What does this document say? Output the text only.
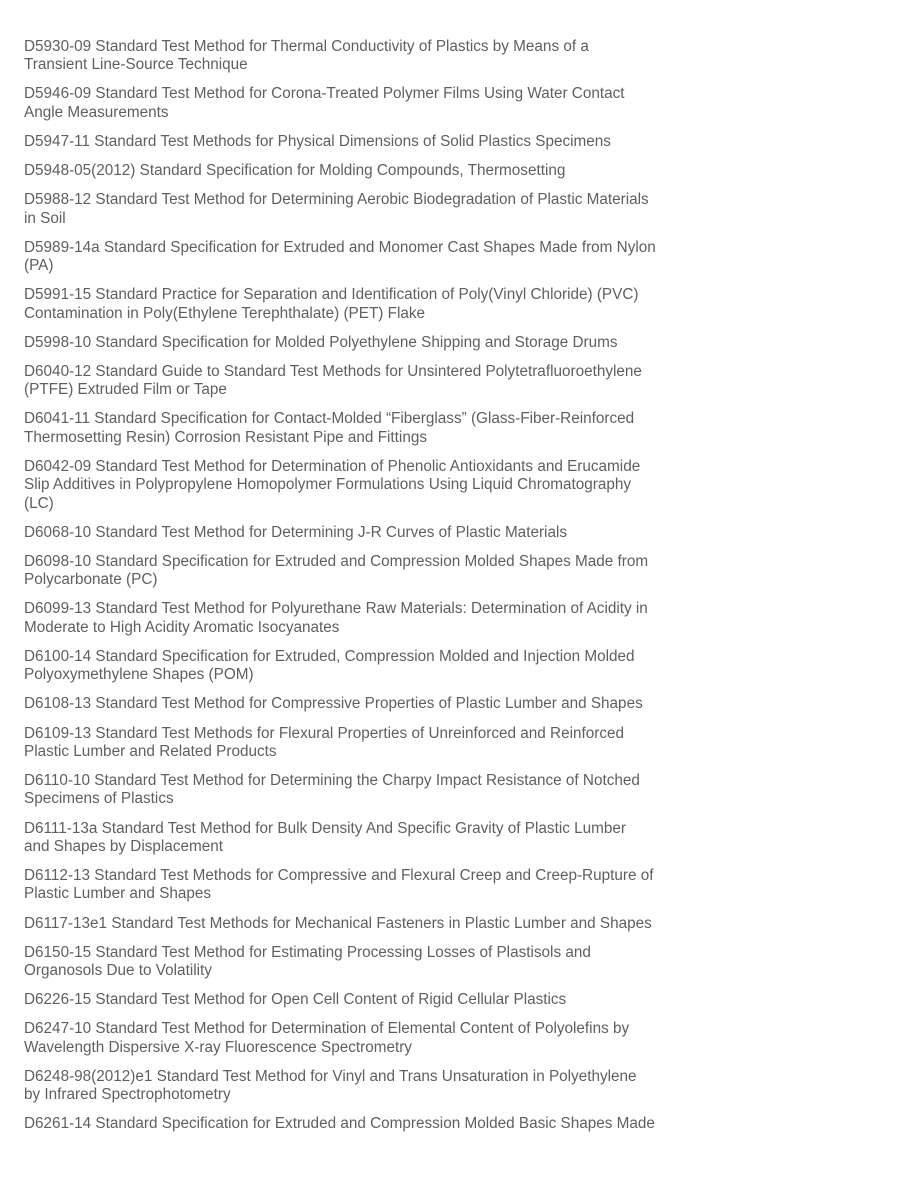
D5930-09 Standard Test Method for Thermal Conductivity of Plastics by Means of a
Transient Line-Source Technique
D5946-09 Standard Test Method for Corona-Treated Polymer Films Using Water Contact
Angle Measurements
D5947-11 Standard Test Methods for Physical Dimensions of Solid Plastics Specimens
D5948-05(2012) Standard Specification for Molding Compounds, Thermosetting
D5988-12 Standard Test Method for Determining Aerobic Biodegradation of Plastic Materials
in Soil
D5989-14a Standard Specification for Extruded and Monomer Cast Shapes Made from Nylon
(PA)
D5991-15 Standard Practice for Separation and Identification of Poly(Vinyl Chloride) (PVC)
Contamination in Poly(Ethylene Terephthalate) (PET) Flake
D5998-10 Standard Specification for Molded Polyethylene Shipping and Storage Drums
D6040-12 Standard Guide to Standard Test Methods for Unsintered Polytetrafluoroethylene
(PTFE) Extruded Film or Tape
D6041-11 Standard Specification for Contact-Molded “Fiberglass” (Glass-Fiber-Reinforced
Thermosetting Resin) Corrosion Resistant Pipe and Fittings
D6042-09 Standard Test Method for Determination of Phenolic Antioxidants and Erucamide
Slip Additives in Polypropylene Homopolymer Formulations Using Liquid Chromatography
(LC)
D6068-10 Standard Test Method for Determining J-R Curves of Plastic Materials
D6098-10 Standard Specification for Extruded and Compression Molded Shapes Made from
Polycarbonate (PC)
D6099-13 Standard Test Method for Polyurethane Raw Materials: Determination of Acidity in
Moderate to High Acidity Aromatic Isocyanates
D6100-14 Standard Specification for Extruded, Compression Molded and Injection Molded
Polyoxymethylene Shapes (POM)
D6108-13 Standard Test Method for Compressive Properties of Plastic Lumber and Shapes
D6109-13 Standard Test Methods for Flexural Properties of Unreinforced and Reinforced
Plastic Lumber and Related Products
D6110-10 Standard Test Method for Determining the Charpy Impact Resistance of Notched
Specimens of Plastics
D6111-13a Standard Test Method for Bulk Density And Specific Gravity of Plastic Lumber
and Shapes by Displacement
D6112-13 Standard Test Methods for Compressive and Flexural Creep and Creep-Rupture of
Plastic Lumber and Shapes
D6117-13e1 Standard Test Methods for Mechanical Fasteners in Plastic Lumber and Shapes
D6150-15 Standard Test Method for Estimating Processing Losses of Plastisols and
Organosols Due to Volatility
D6226-15 Standard Test Method for Open Cell Content of Rigid Cellular Plastics
D6247-10 Standard Test Method for Determination of Elemental Content of Polyolefins by
Wavelength Dispersive X-ray Fluorescence Spectrometry
D6248-98(2012)e1 Standard Test Method for Vinyl and Trans Unsaturation in Polyethylene
by Infrared Spectrophotometry
D6261-14 Standard Specification for Extruded and Compression Molded Basic Shapes Made
